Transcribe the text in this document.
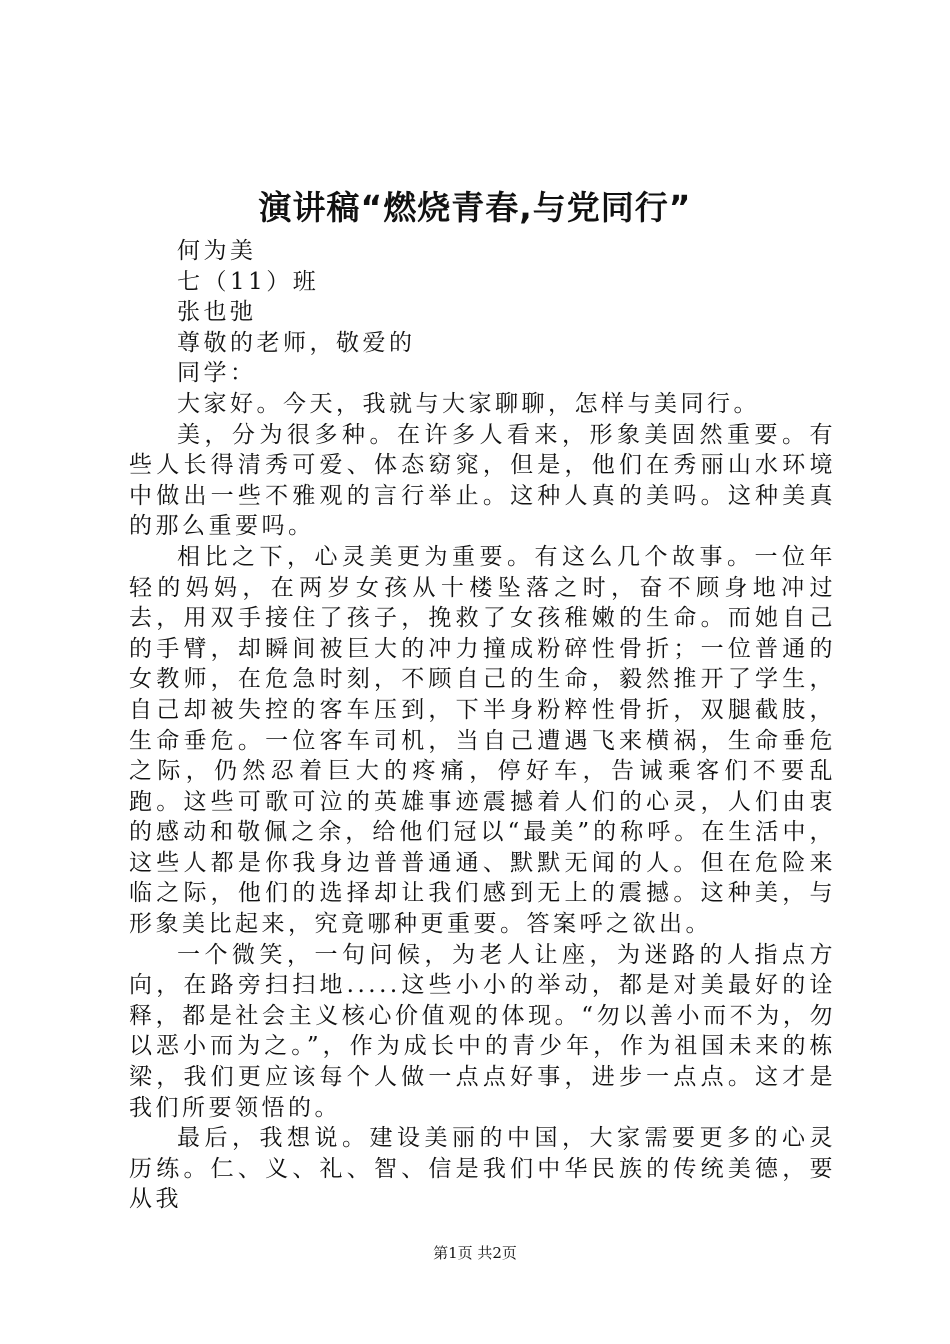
演讲稿“燃烧青春,与党同行”

何为美

七（11）班

张也弛

尊敬的老师，敬爱的

同学：

大家好。今天，我就与大家聊聊，怎样与美同行。

美，分为很多种。在许多人看来，形象美固然重要。有些人长得清秀可爱、体态窈窕，但是，他们在秀丽山水环境中做出一些不雅观的言行举止。这种人真的美吗。这种美真的那么重要吗。

相比之下，心灵美更为重要。有这么几个故事。一位年轻的妈妈，在两岁女孩从十楼坠落之时，奋不顾身地冲过去，用双手接住了孩子，挽救了女孩稚嫩的生命。而她自己的手臂，却瞬间被巨大的冲力撞成粉碎性骨折；一位普通的女教师，在危急时刻，不顾自己的生命，毅然推开了学生，自己却被失控的客车压到，下半身粉粹性骨折，双腿截肢，生命垂危。一位客车司机，当自己遭遇飞来横祸，生命垂危之际，仍然忍着巨大的疼痛，停好车，告诫乘客们不要乱跑。这些可歌可泣的英雄事迹震撼着人们的心灵，人们由衷的感动和敬佩之余，给他们冠以“最美”的称呼。在生活中，这些人都是你我身边普普通通、默默无闻的人。但在危险来临之际，他们的选择却让我们感到无上的震撼。这种美，与形象美比起来，究竟哪种更重要。答案呼之欲出。

一个微笑，一句问候，为老人让座，为迷路的人指点方向，在路旁扫扫地.....这些小小的举动，都是对美最好的诠释，都是社会主义核心价值观的体现。“勿以善小而不为，勿以恶小而为之。”，作为成长中的青少年，作为祖国未来的栋梁，我们更应该每个人做一点点好事，进步一点点。这才是我们所要领悟的。

最后，我想说。建设美丽的中国，大家需要更多的心灵历练。仁、义、礼、智、信是我们中华民族的传统美德，要从我

第1页 共2页
